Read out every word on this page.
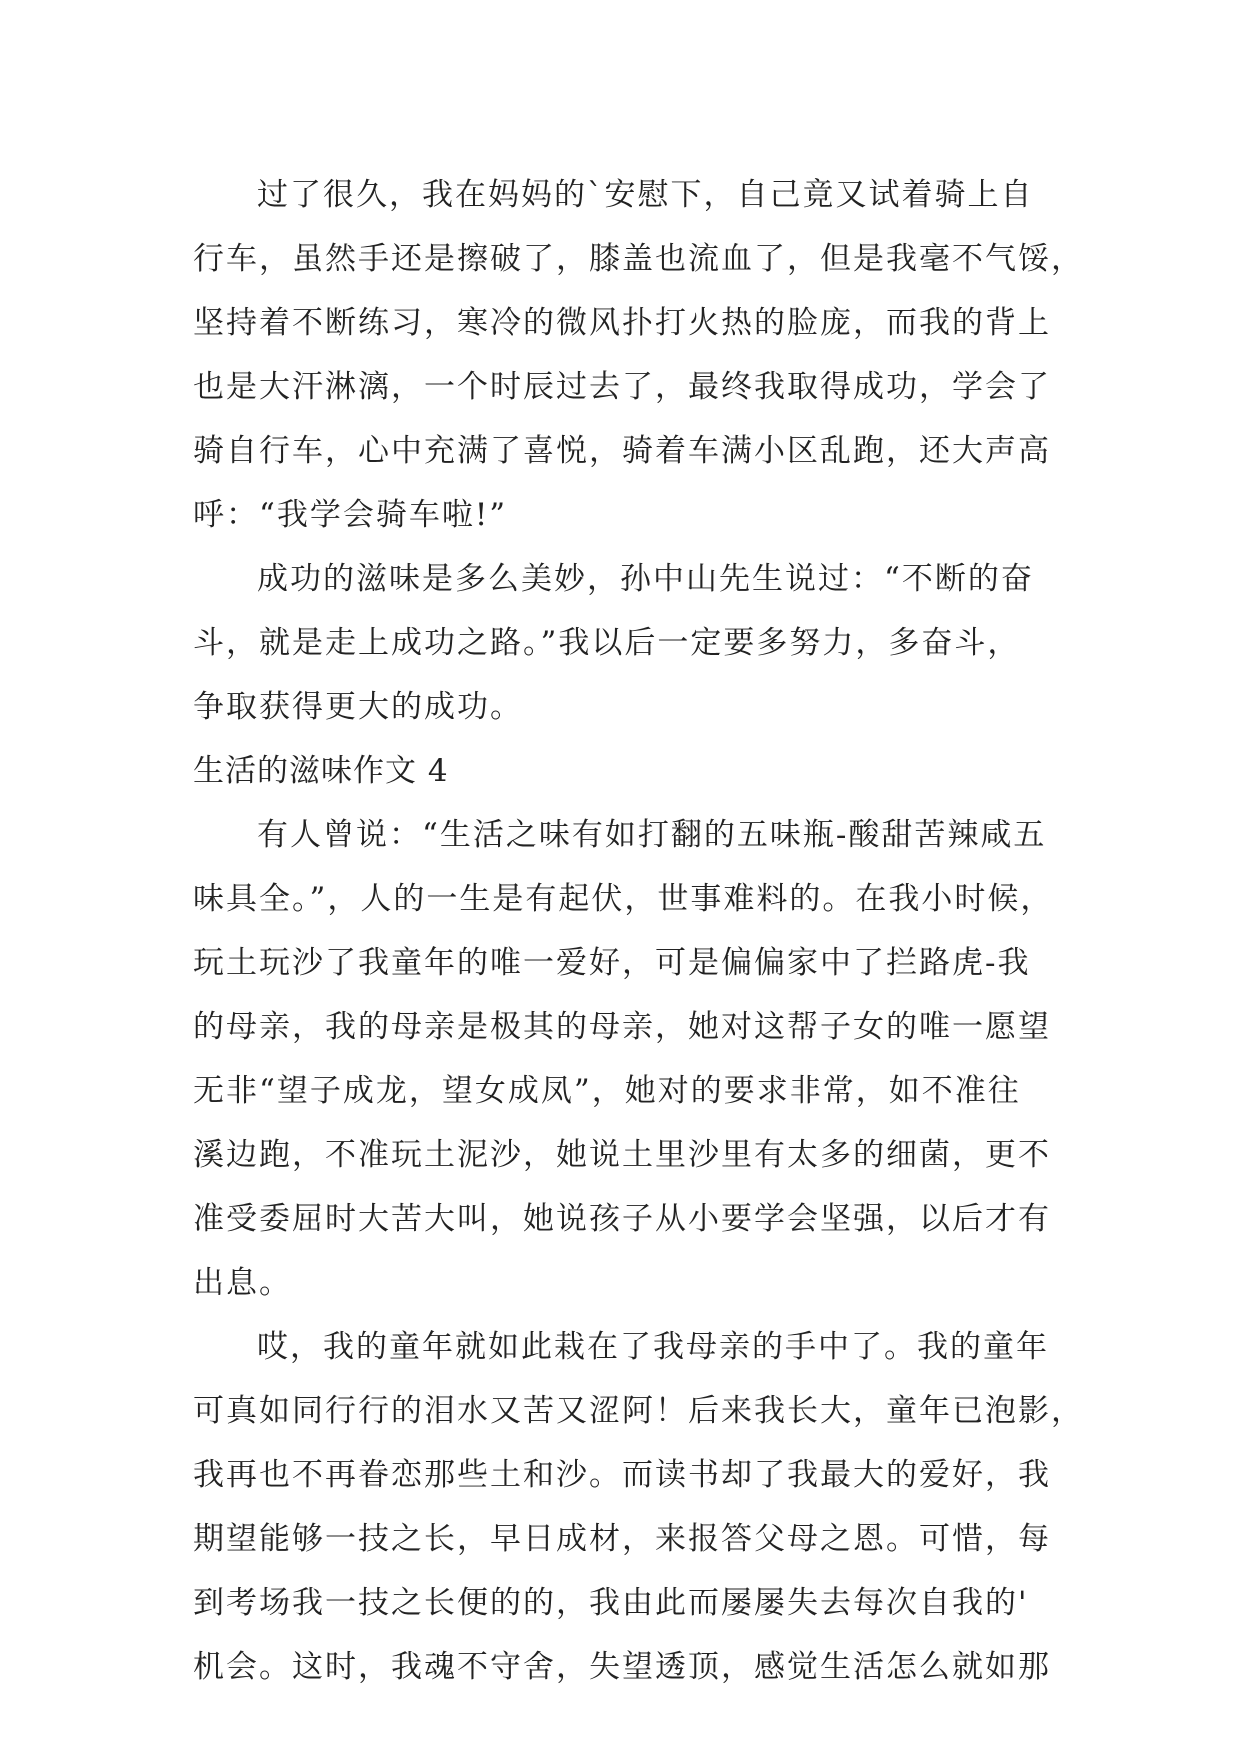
过了很久，我在妈妈的`安慰下，自己竟又试着骑上自
行车，虽然手还是擦破了，膝盖也流血了，但是我毫不气馁，
坚持着不断练习，寒冷的微风扑打火热的脸庞，而我的背上
也是大汗淋漓，一个时辰过去了，最终我取得成功，学会了
骑自行车，心中充满了喜悦，骑着车满小区乱跑，还大声高
呼：“我学会骑车啦!”
成功的滋味是多么美妙，孙中山先生说过：“不断的奋
斗，就是走上成功之路。”我以后一定要多努力，多奋斗，
争取获得更大的成功。
生活的滋味作文 4
有人曾说：“生活之味有如打翻的五味瓶-酸甜苦辣咸五
味具全。”，人的一生是有起伏，世事难料的。在我小时候，
玩土玩沙了我童年的唯一爱好，可是偏偏家中了拦路虎-我
的母亲，我的母亲是极其的母亲，她对这帮子女的唯一愿望
无非“望子成龙，望女成凤”，她对的要求非常，如不准往
溪边跑，不准玩土泥沙，她说土里沙里有太多的细菌，更不
准受委屈时大苦大叫，她说孩子从小要学会坚强，以后才有
出息。
哎，我的童年就如此栽在了我母亲的手中了。我的童年
可真如同行行的泪水又苦又涩阿！后来我长大，童年已泡影，
我再也不再眷恋那些土和沙。而读书却了我最大的爱好，我
期望能够一技之长，早日成材，来报答父母之恩。可惜，每
到考场我一技之长便的的，我由此而屡屡失去每次自我的'
机会。这时，我魂不守舍，失望透顶，感觉生活怎么就如那
